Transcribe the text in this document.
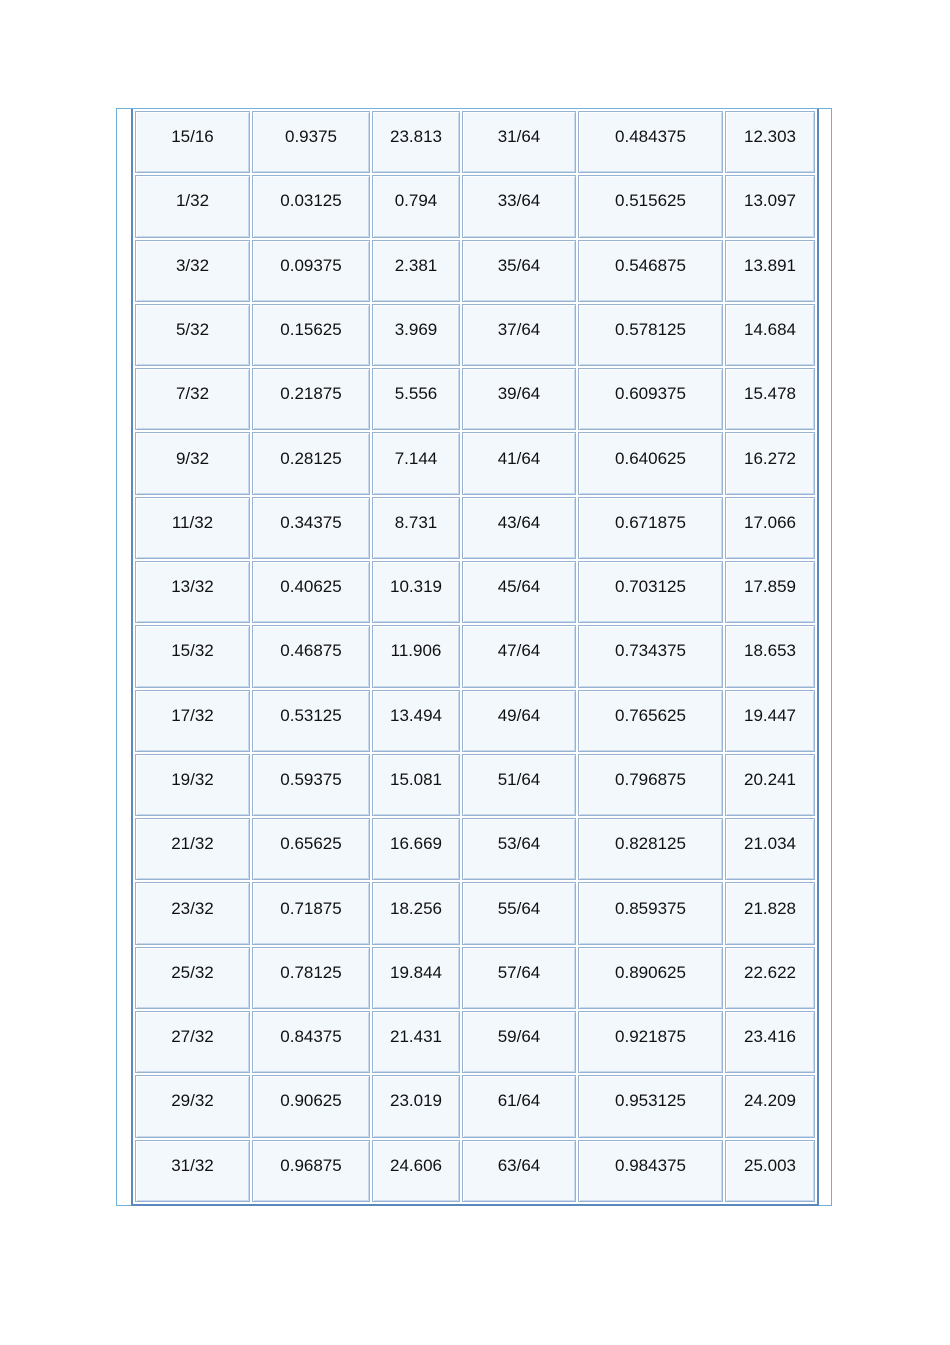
15/16	0.9375	23.813	31/64	0.484375	12.303
1/32	0.03125	0.794	33/64	0.515625	13.097
3/32	0.09375	2.381	35/64	0.546875	13.891
5/32	0.15625	3.969	37/64	0.578125	14.684
7/32	0.21875	5.556	39/64	0.609375	15.478
9/32	0.28125	7.144	41/64	0.640625	16.272
11/32	0.34375	8.731	43/64	0.671875	17.066
13/32	0.40625	10.319	45/64	0.703125	17.859
15/32	0.46875	11.906	47/64	0.734375	18.653
17/32	0.53125	13.494	49/64	0.765625	19.447
19/32	0.59375	15.081	51/64	0.796875	20.241
21/32	0.65625	16.669	53/64	0.828125	21.034
23/32	0.71875	18.256	55/64	0.859375	21.828
25/32	0.78125	19.844	57/64	0.890625	22.622
27/32	0.84375	21.431	59/64	0.921875	23.416
29/32	0.90625	23.019	61/64	0.953125	24.209
31/32	0.96875	24.606	63/64	0.984375	25.003
